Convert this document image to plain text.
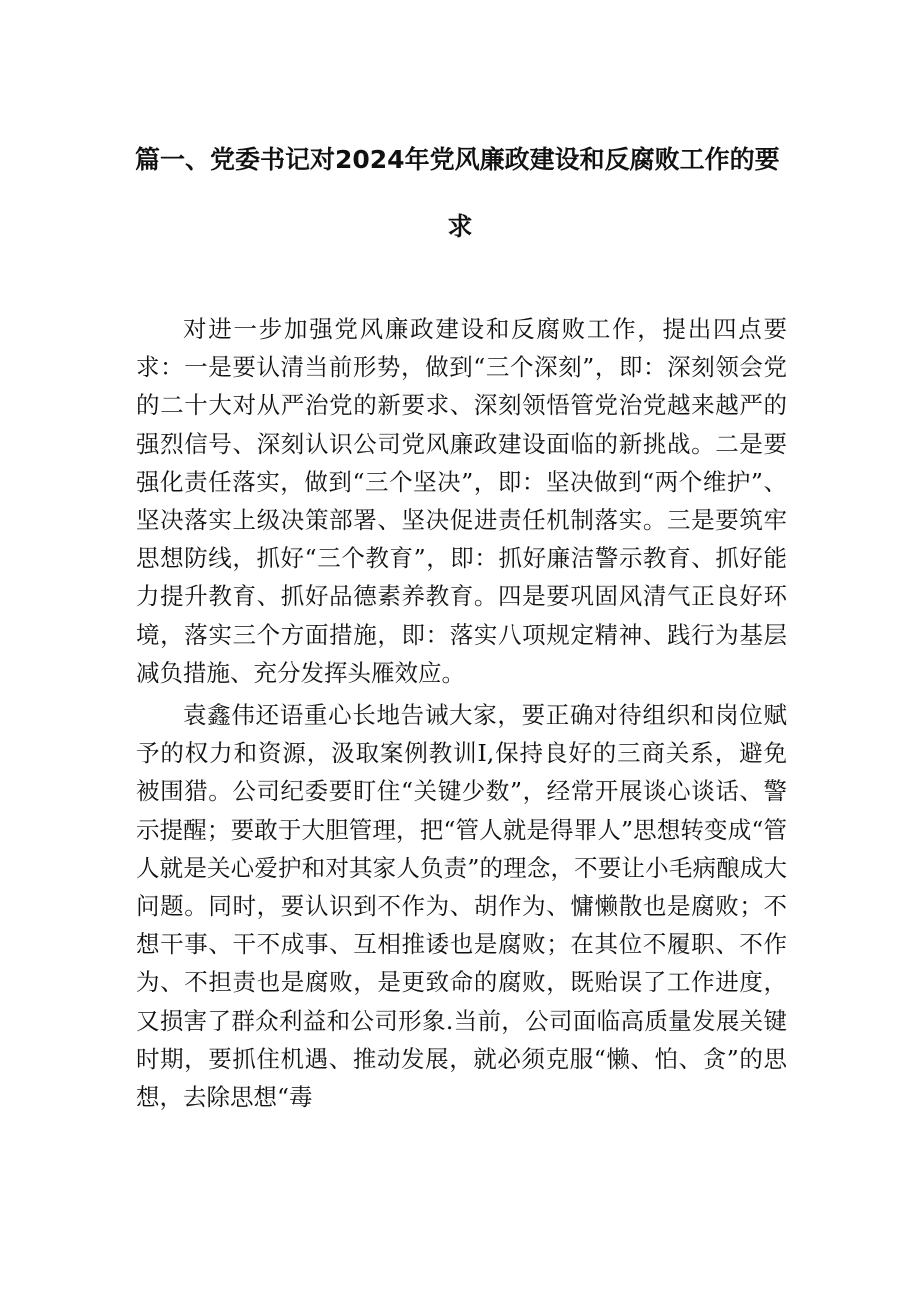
篇一、党委书记对2024年党风廉政建设和反腐败工作的要
求

对进一步加强党风廉政建设和反腐败工作，提出四点要求：一是要认清当前形势，做到“三个深刻”，即：深刻领会党的二十大对从严治党的新要求、深刻领悟管党治党越来越严的强烈信号、深刻认识公司党风廉政建设面临的新挑战。二是要强化责任落实，做到“三个坚决”，即：坚决做到“两个维护”、坚决落实上级决策部署、坚决促进责任机制落实。三是要筑牢思想防线，抓好“三个教育”，即：抓好廉洁警示教育、抓好能力提升教育、抓好品德素养教育。四是要巩固风清气正良好环境，落实三个方面措施，即：落实八项规定精神、践行为基层减负措施、充分发挥头雁效应。

袁鑫伟还语重心长地告诫大家，要正确对待组织和岗位赋予的权力和资源，汲取案例教训I,保持良好的三商关系，避免被围猎。公司纪委要盯住“关键少数”，经常开展谈心谈话、警示提醒；要敢于大胆管理，把“管人就是得罪人”思想转变成“管人就是关心爱护和对其家人负责”的理念，不要让小毛病酿成大问题。同时，要认识到不作为、胡作为、慵懒散也是腐败；不想干事、干不成事、互相推诿也是腐败；在其位不履职、不作为、不担责也是腐败，是更致命的腐败，既贻误了工作进度，又损害了群众利益和公司形象.当前，公司面临高质量发展关键时期，要抓住机遇、推动发展，就必须克服“懒、怕、贪”的思想，去除思想“毒
